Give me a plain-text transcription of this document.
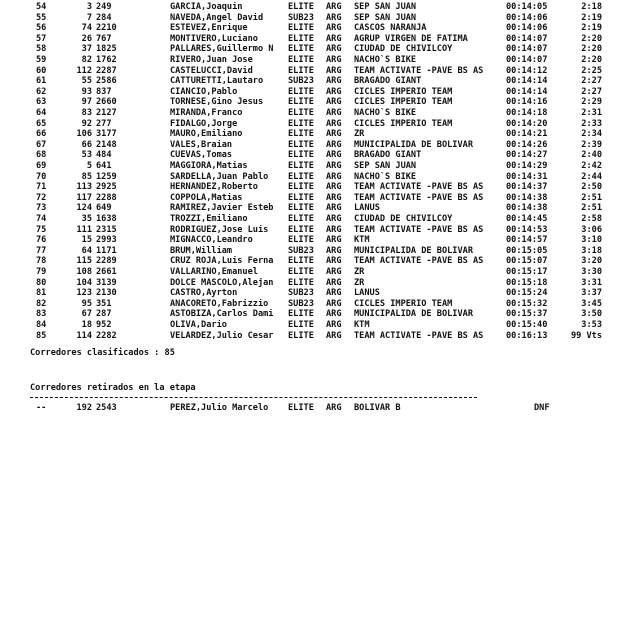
54	3 249	GARCIA,Joaquin	ELITE	ARG	SEP SAN JUAN	00:14:05	2:18
55	7 284	NAVEDA,Angel David	SUB23	ARG	SEP SAN JUAN	00:14:06	2:19
56	74 2210	ESTEVEZ,Enrique	ELITE	ARG	CASCOS NARANJA	00:14:06	2:19
57	26 767	MONTIVERO,Luciano	ELITE	ARG	AGRUP VIRGEN DE FATIMA	00:14:07	2:20
58	37 1825	PALLARES,Guillermo N	ELITE	ARG	CIUDAD DE CHIVILCOY	00:14:07	2:20
59	82 1762	RIVERO,Juan Jose	ELITE	ARG	NACHO`S BIKE	00:14:07	2:20
60	112 2287	CASTELUCCI,David	ELITE	ARG	TEAM ACTIVATE -PAVE BS AS	00:14:12	2:25
61	55 2586	CATTURETTI,Lautaro	SUB23	ARG	BRAGADO GIANT	00:14:14	2:27
62	93 837	CIANCIO,Pablo	ELITE	ARG	CICLES IMPERIO TEAM	00:14:14	2:27
63	97 2660	TORNESE,Gino Jesus	ELITE	ARG	CICLES IMPERIO TEAM	00:14:16	2:29
64	83 2127	MIRANDA,Franco	ELITE	ARG	NACHO`S BIKE	00:14:18	2:31
65	92 277	FIDALGO,Jorge	ELITE	ARG	CICLES IMPERIO TEAM	00:14:20	2:33
66	106 3177	MAURO,Emiliano	ELITE	ARG	ZR	00:14:21	2:34
67	66 2148	VALES,Braian	ELITE	ARG	MUNICIPALIDA DE BOLIVAR	00:14:26	2:39
68	53 484	CUEVAS,Tomas	ELITE	ARG	BRAGADO GIANT	00:14:27	2:40
69	5 641	MAGGIORA,Matias	ELITE	ARG	SEP SAN JUAN	00:14:29	2:42
70	85 1259	SARDELLA,Juan Pablo	ELITE	ARG	NACHO`S BIKE	00:14:31	2:44
71	113 2925	HERNANDEZ,Roberto	ELITE	ARG	TEAM ACTIVATE -PAVE BS AS	00:14:37	2:50
72	117 2288	COPPOLA,Matias	ELITE	ARG	TEAM ACTIVATE -PAVE BS AS	00:14:38	2:51
73	124 649	RAMIREZ,Javier Esteb	ELITE	ARG	LANUS	00:14:38	2:51
74	35 1638	TROZZI,Emiliano	ELITE	ARG	CIUDAD DE CHIVILCOY	00:14:45	2:58
75	111 2315	RODRIGUEZ,Jose Luis	ELITE	ARG	TEAM ACTIVATE -PAVE BS AS	00:14:53	3:06
76	15 2993	MIGNACCO,Leandro	ELITE	ARG	KTM	00:14:57	3:10
77	64 1171	BRUM,William	SUB23	ARG	MUNICIPALIDA DE BOLIVAR	00:15:05	3:18
78	115 2289	CRUZ ROJA,Luis Ferna	ELITE	ARG	TEAM ACTIVATE -PAVE BS AS	00:15:07	3:20
79	108 2661	VALLARINO,Emanuel	ELITE	ARG	ZR	00:15:17	3:30
80	104 3139	DOLCE MASCOLO,Alejan	ELITE	ARG	ZR	00:15:18	3:31
81	123 2130	CASTRO,Ayrton	SUB23	ARG	LANUS	00:15:24	3:37
82	95 351	ANACORETO,Fabrizzio	SUB23	ARG	CICLES IMPERIO TEAM	00:15:32	3:45
83	67 287	ASTOBIZA,Carlos Dami	ELITE	ARG	MUNICIPALIDA DE BOLIVAR	00:15:37	3:50
84	18 952	OLIVA,Dario	ELITE	ARG	KTM	00:15:40	3:53
85	114 2282	VELARDEZ,Julio Cesar	ELITE	ARG	TEAM ACTIVATE -PAVE BS AS	00:16:13	99 Vts
Corredores clasificados : 85
Corredores retirados en la etapa
--	192 2543	PEREZ,Julio Marcelo	ELITE	ARG	BOLIVAR B	DNF
